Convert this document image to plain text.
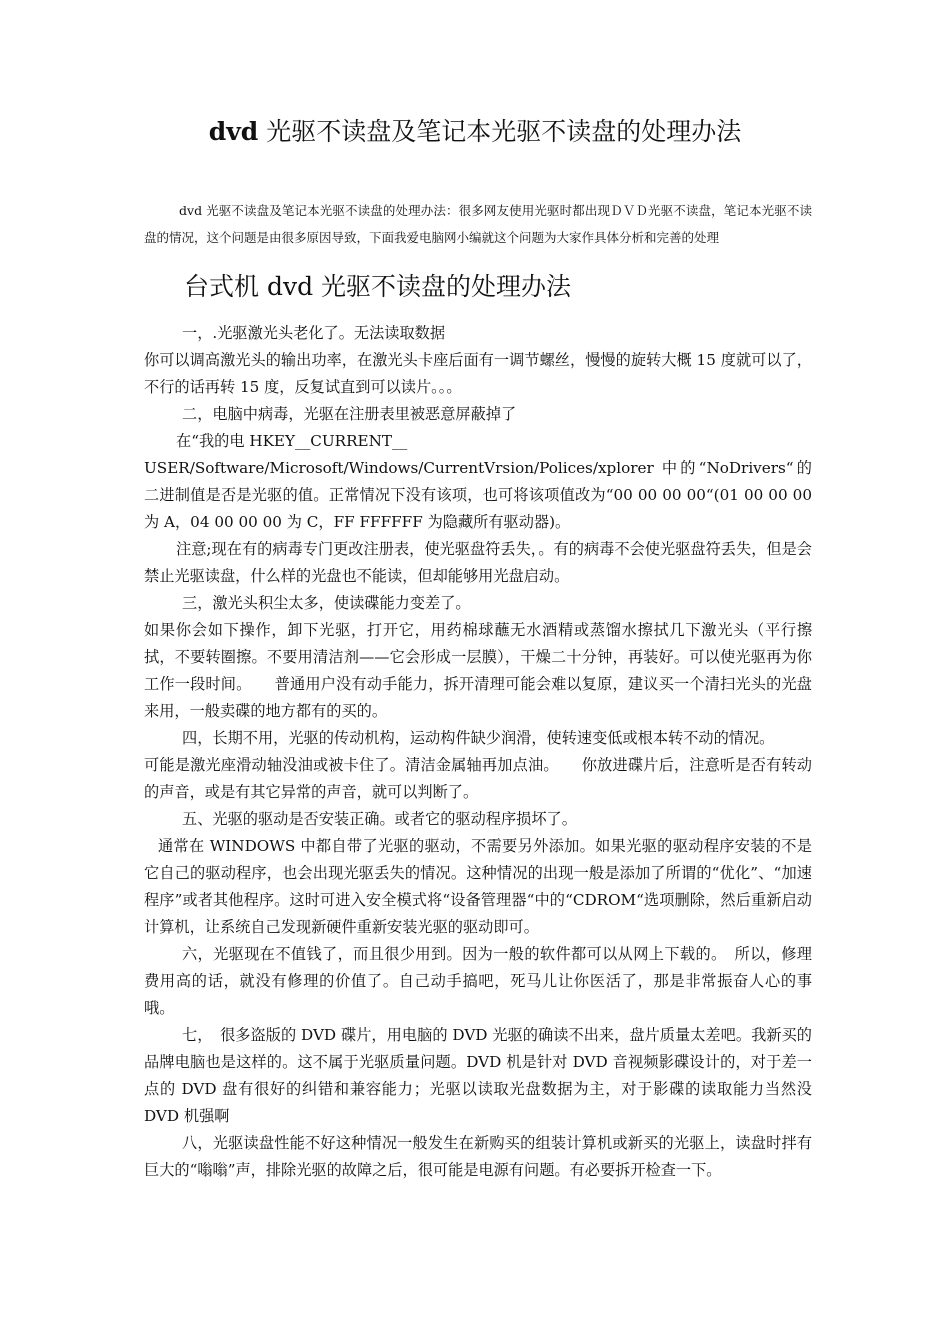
dvd 光驱不读盘及笔记本光驱不读盘的处理办法

dvd 光驱不读盘及笔记本光驱不读盘的处理办法：很多网友使用光驱时都出现ＤＶＤ光驱不读盘，笔记本光驱不读盘的情况，这个问题是由很多原因导致，下面我爱电脑网小编就这个问题为大家作具体分析和完善的处理

台式机 dvd 光驱不读盘的处理办法

一，.光驱激光头老化了。无法读取数据

你可以调高激光头的输出功率，在激光头卡座后面有一调节螺丝，慢慢的旋转大概 15 度就可以了，不行的话再转 15 度，反复试直到可以读片。。。

二，电脑中病毒，光驱在注册表里被恶意屏蔽掉了

在“我的电 HKEY__CURRENT__

USER/Software/Microsoft/Windows/CurrentVrsion/Polices/xplorer 中的“NoDrivers“的二进制值是否是光驱的值。正常情况下没有该项，也可将该项值改为“00 00 00 00“(01 00 00 00 为 A，04 00 00 00 为 C，FF FFFFFF 为隐藏所有驱动器)。

注意;现在有的病毒专门更改注册表，使光驱盘符丢失，。有的病毒不会使光驱盘符丢失，但是会禁止光驱读盘，什么样的光盘也不能读，但却能够用光盘启动。

三，激光头积尘太多，使读碟能力变差了。

如果你会如下操作，卸下光驱，打开它，用药棉球蘸无水酒精或蒸馏水擦拭几下激光头（平行擦拭，不要转圈擦。不要用清洁剂——它会形成一层膜），干燥二十分钟，再装好。可以使光驱再为你工作一段时间。　　普通用户没有动手能力，拆开清理可能会难以复原，建议买一个清扫光头的光盘来用，一般卖碟的地方都有的买的。

四，长期不用，光驱的传动机构，运动构件缺少润滑，使转速变低或根本转不动的情况。

可能是激光座滑动轴没油或被卡住了。清洁金属轴再加点油。　　你放进碟片后，注意听是否有转动的声音，或是有其它异常的声音，就可以判断了。

五、光驱的驱动是否安装正确。或者它的驱动程序损坏了。

通常在 WINDOWS 中都自带了光驱的驱动，不需要另外添加。如果光驱的驱动程序安装的不是它自己的驱动程序，也会出现光驱丢失的情况。这种情况的出现一般是添加了所谓的“优化”、“加速程序”或者其他程序。这时可进入安全模式将“设备管理器“中的“CDROM“选项删除，然后重新启动计算机，让系统自己发现新硬件重新安装光驱的驱动即可。

六，光驱现在不值钱了，而且很少用到。因为一般的软件都可以从网上下载的。　所以，修理费用高的话，就没有修理的价值了。自己动手搞吧，死马儿让你医活了，那是非常振奋人心的事哦。

七，　很多盗版的 DVD 碟片，用电脑的 DVD 光驱的确读不出来，盘片质量太差吧。我新买的品牌电脑也是这样的。这不属于光驱质量问题。DVD 机是针对 DVD 音视频影碟设计的，对于差一点的 DVD 盘有很好的纠错和兼容能力；光驱以读取光盘数据为主，对于影碟的读取能力当然没 DVD 机强啊

八，光驱读盘性能不好这种情况一般发生在新购买的组装计算机或新买的光驱上，读盘时拌有巨大的“嗡嗡”声，排除光驱的故障之后，很可能是电源有问题。有必要拆开检查一下。
